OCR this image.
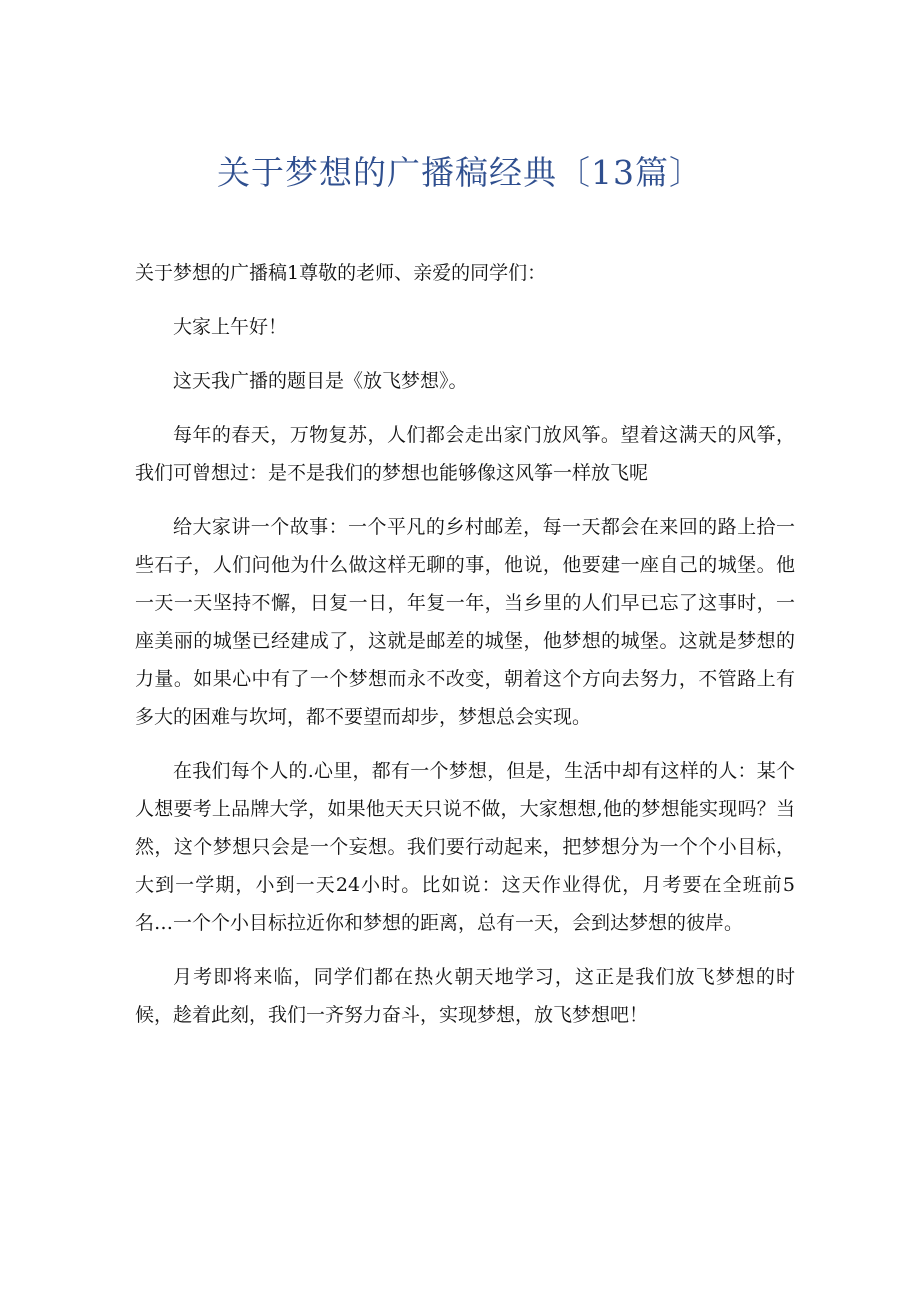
关于梦想的广播稿经典〔13篇〕

关于梦想的广播稿1尊敬的老师、亲爱的同学们：

大家上午好！

这天我广播的题目是《放飞梦想》。

每年的春天，万物复苏，人们都会走出家门放风筝。望着这满天的风筝，我们可曾想过：是不是我们的梦想也能够像这风筝一样放飞呢

给大家讲一个故事：一个平凡的乡村邮差，每一天都会在来回的路上拾一些石子，人们问他为什么做这样无聊的事，他说，他要建一座自己的城堡。他一天一天坚持不懈，日复一日，年复一年，当乡里的人们早已忘了这事时，一座美丽的城堡已经建成了，这就是邮差的城堡，他梦想的城堡。这就是梦想的力量。如果心中有了一个梦想而永不改变，朝着这个方向去努力，不管路上有多大的困难与坎坷，都不要望而却步，梦想总会实现。

在我们每个人的.心里，都有一个梦想，但是，生活中却有这样的人：某个人想要考上品牌大学，如果他天天只说不做，大家想想,他的梦想能实现吗？当然，这个梦想只会是一个妄想。我们要行动起来，把梦想分为一个个小目标，大到一学期，小到一天24小时。比如说：这天作业得优，月考要在全班前5名…一个个小目标拉近你和梦想的距离，总有一天，会到达梦想的彼岸。

月考即将来临，同学们都在热火朝天地学习，这正是我们放飞梦想的时候，趁着此刻，我们一齐努力奋斗，实现梦想，放飞梦想吧！
